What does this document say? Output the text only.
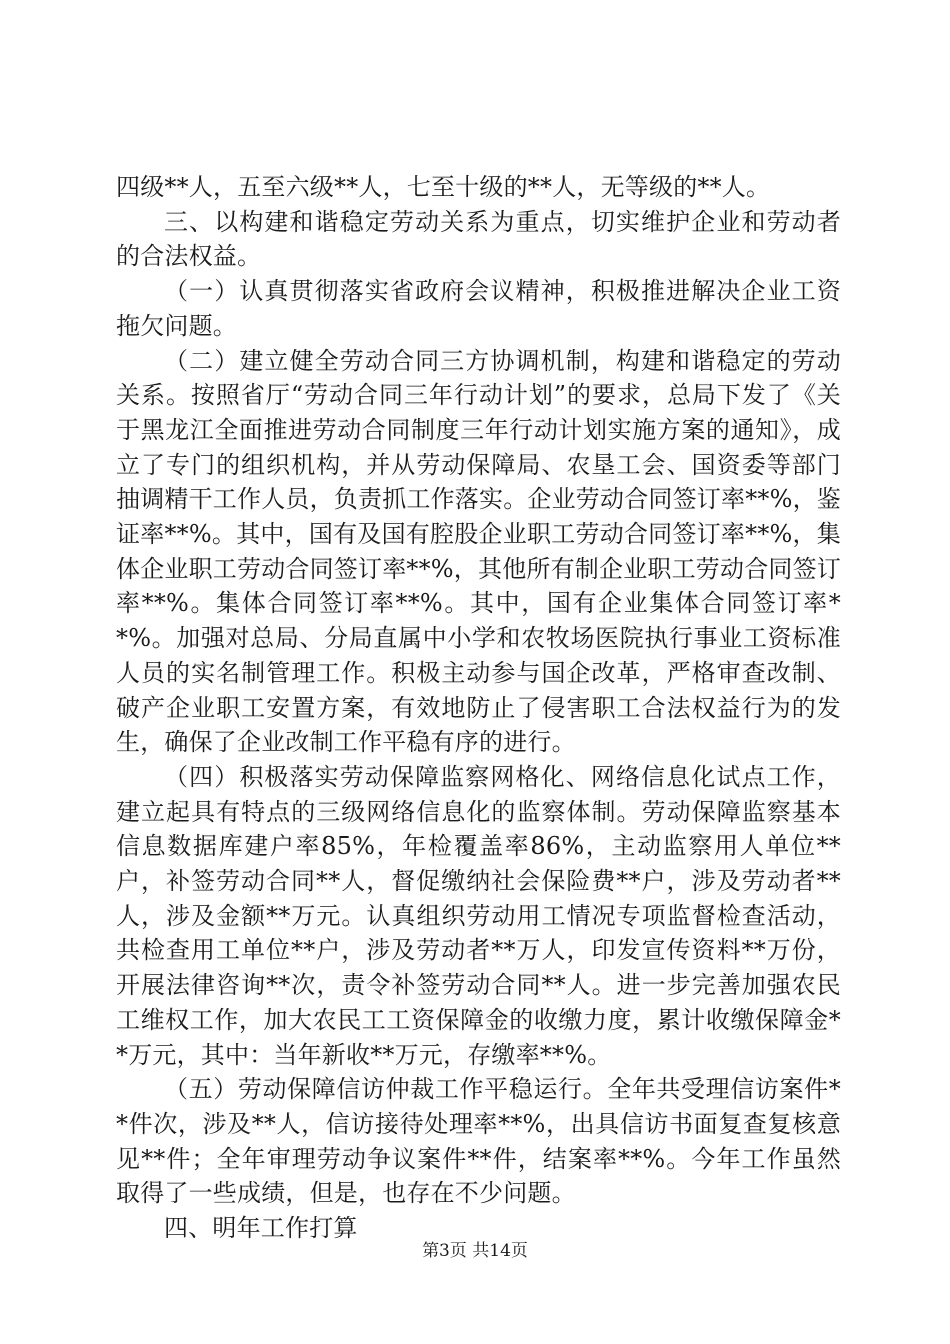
四级**人，五至六级**人，七至十级的**人，无等级的**人。

三、以构建和谐稳定劳动关系为重点，切实维护企业和劳动者的合法权益。

（一）认真贯彻落实省政府会议精神，积极推进解决企业工资拖欠问题。

（二）建立健全劳动合同三方协调机制，构建和谐稳定的劳动关系。按照省厅“劳动合同三年行动计划”的要求，总局下发了《关于黑龙江全面推进劳动合同制度三年行动计划实施方案的通知》，成立了专门的组织机构，并从劳动保障局、农垦工会、国资委等部门抽调精干工作人员，负责抓工作落实。企业劳动合同签订率**%，鉴证率**%。其中，国有及国有腔股企业职工劳动合同签订率**%，集体企业职工劳动合同签订率**%，其他所有制企业职工劳动合同签订率**%。集体合同签订率**%。其中，国有企业集体合同签订率**%。加强对总局、分局直属中小学和农牧场医院执行事业工资标准人员的实名制管理工作。积极主动参与国企改革，严格审查改制、破产企业职工安置方案，有效地防止了侵害职工合法权益行为的发生，确保了企业改制工作平稳有序的进行。

（四）积极落实劳动保障监察网格化、网络信息化试点工作，建立起具有特点的三级网络信息化的监察体制。劳动保障监察基本信息数据库建户率85%，年检覆盖率86%，主动监察用人单位**户，补签劳动合同**人，督促缴纳社会保险费**户，涉及劳动者**人，涉及金额**万元。认真组织劳动用工情况专项监督检查活动，共检查用工单位**户，涉及劳动者**万人，印发宣传资料**万份，开展法律咨询**次，责令补签劳动合同**人。进一步完善加强农民工维权工作，加大农民工工资保障金的收缴力度，累计收缴保障金**万元，其中：当年新收**万元，存缴率**%。

（五）劳动保障信访仲裁工作平稳运行。全年共受理信访案件**件次，涉及**人，信访接待处理率**%，出具信访书面复查复核意见**件；全年审理劳动争议案件**件，结案率**%。今年工作虽然取得了一些成绩，但是，也存在不少问题。

四、明年工作打算

第3页 共14页
